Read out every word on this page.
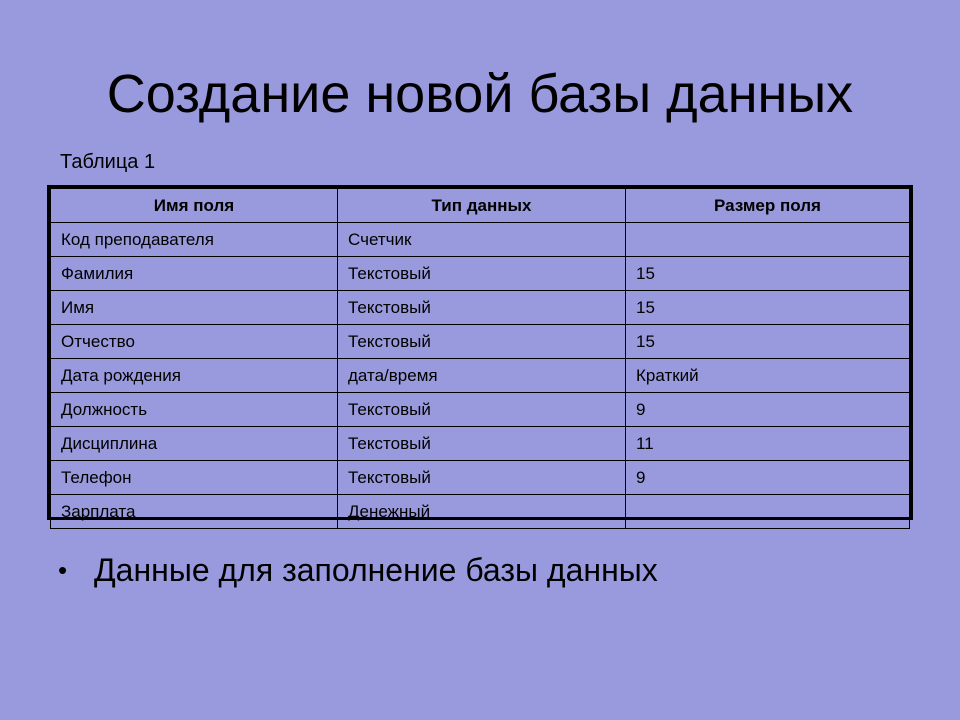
Создание новой базы данных
Таблица 1
Имя поля	Тип данных	Размер поля
Код преподавателя	Счетчик	
Фамилия	Текстовый	15
Имя	Текстовый	15
Отчество	Текстовый	15
Дата рождения	дата/время	Краткий
Должность	Текстовый	9
Дисциплина	Текстовый	11
Телефон	Текстовый	9
Зарплата	Денежный	
• Данные для заполнение базы данных
